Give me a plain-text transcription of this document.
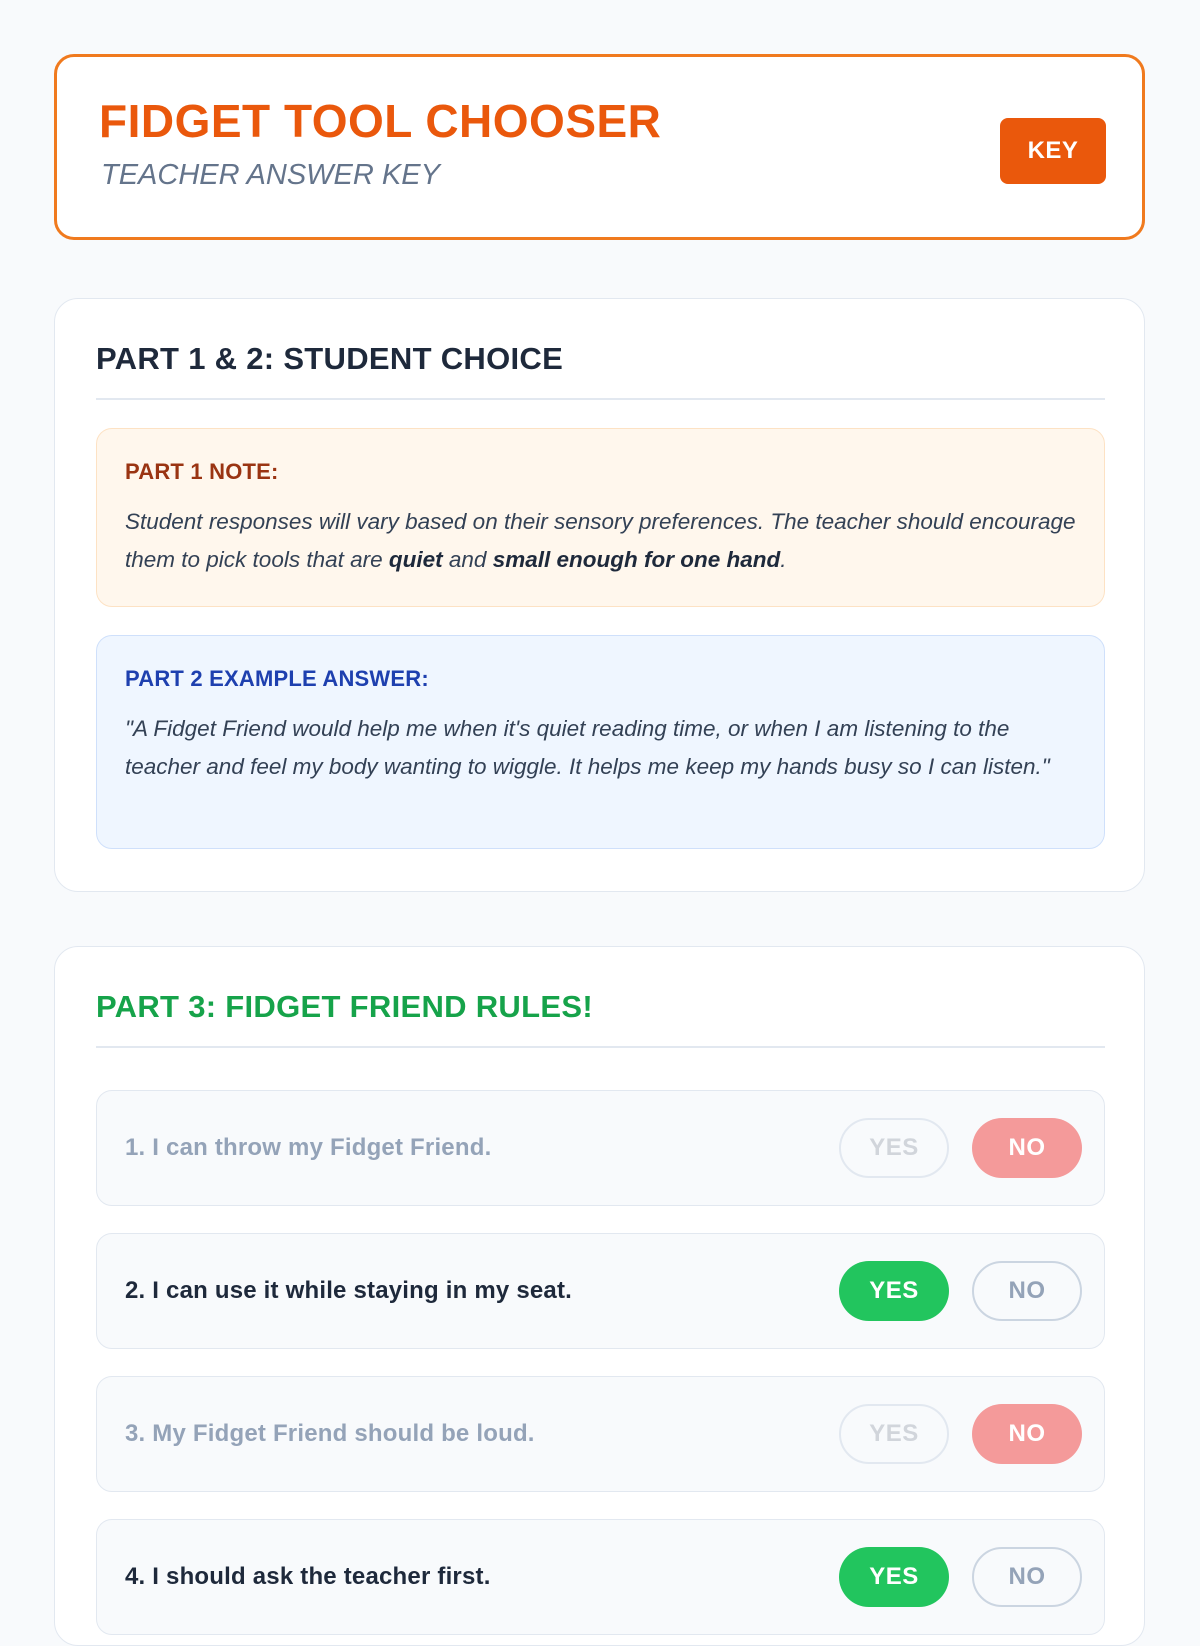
FIDGET TOOL CHOOSER
TEACHER ANSWER KEY
KEY
PART 1 & 2: STUDENT CHOICE

PART 1 NOTE:

Student responses will vary based on their sensory preferences. The teacher should encourage them to pick tools that are quiet and small enough for one hand.

PART 2 EXAMPLE ANSWER:

"A Fidget Friend would help me when it's quiet reading time, or when I am listening to the teacher and feel my body wanting to wiggle. It helps me keep my hands busy so I can listen."

PART 3: FIDGET FRIEND RULES!
1. I can throw my Fidget Friend.	YES	NO
2. I can use it while staying in my seat.	YES	NO
3. My Fidget Friend should be loud.	YES	NO
4. I should ask the teacher first.	YES	NO
